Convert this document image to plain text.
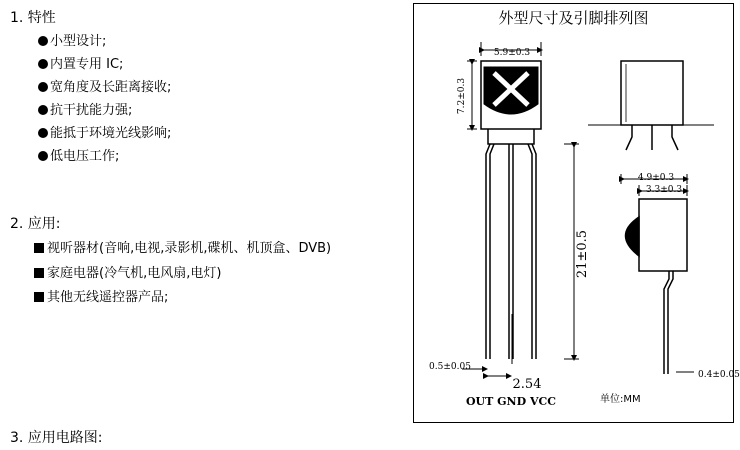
1. 特性
小型设计;
内置专用 IC;
宽角度及长距离接收;
抗干扰能力强;
能抵于环境光线影响;
低电压工作;
2. 应用:
视听器材(音响,电视,录影机,碟机、机顶盒、DVB)
家庭电器(冷气机,电风扇,电灯)
其他无线遥控器产品;
3. 应用电路图:
外型尺寸及引脚排列图
5.9±0.3
7.2±0.3
21±0.5
0.5±0.05
2.54
OUT GND VCC
4.9±0.3
3.3±0.3
0.4±0.05
单位:MM
